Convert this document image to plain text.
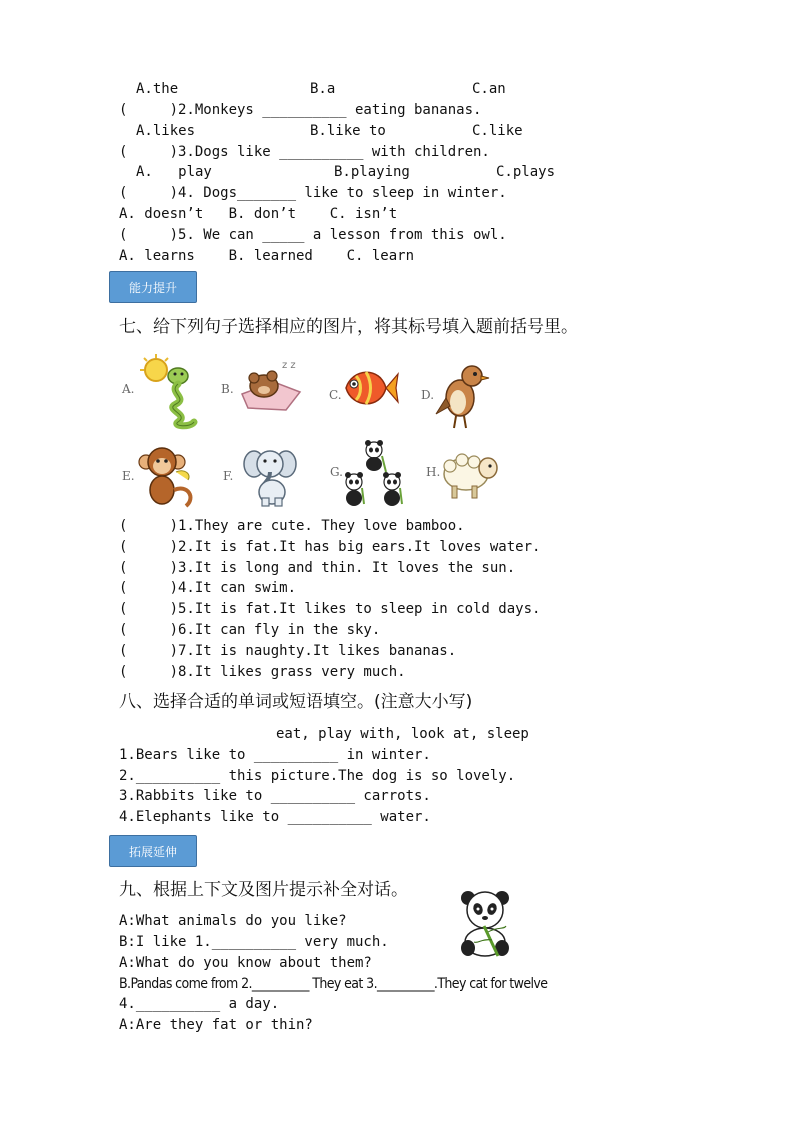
A.the	B.a	C.an
(     )2.Monkeys __________ eating bananas.
A.likes	B.like to	C.like
(     )3.Dogs like __________ with children.
A.   play	B.playing	C.plays
(     )4. Dogs_______ like to sleep in winter.
A. doesn’t   B. don’t    C. isn’t
(     )5. We can _____ a lesson from this owl.
A. learns    B. learned    C. learn
能力提升
七、给下列句子选择相应的图片，将其标号填入题前括号里。
A.	B.
z z
C.	D.
E.	F.	G.	H.
(     )1.They are cute. They love bamboo.
(     )2.It is fat.It has big ears.It loves water.
(     )3.It is long and thin. It loves the sun.
(     )4.It can swim.
(     )5.It is fat.It likes to sleep in cold days.
(     )6.It can fly in the sky.
(     )7.It is naughty.It likes bananas.
(     )8.It likes grass very much.
八、选择合适的单词或短语填空。(注意大小写)
eat, play with, look at, sleep
1.Bears like to __________ in winter.
2.__________ this picture.The dog is so lovely.
3.Rabbits like to __________ carrots.
4.Elephants like to __________ water.
拓展延伸
九、根据上下文及图片提示补全对话。
A:What animals do you like?
B:I like 1.__________ very much.
A:What do you know about them?
B.Pandas come from 2.__________ They eat 3.__________.They cat for twelve
4.__________ a day.
A:Are they fat or thin?
